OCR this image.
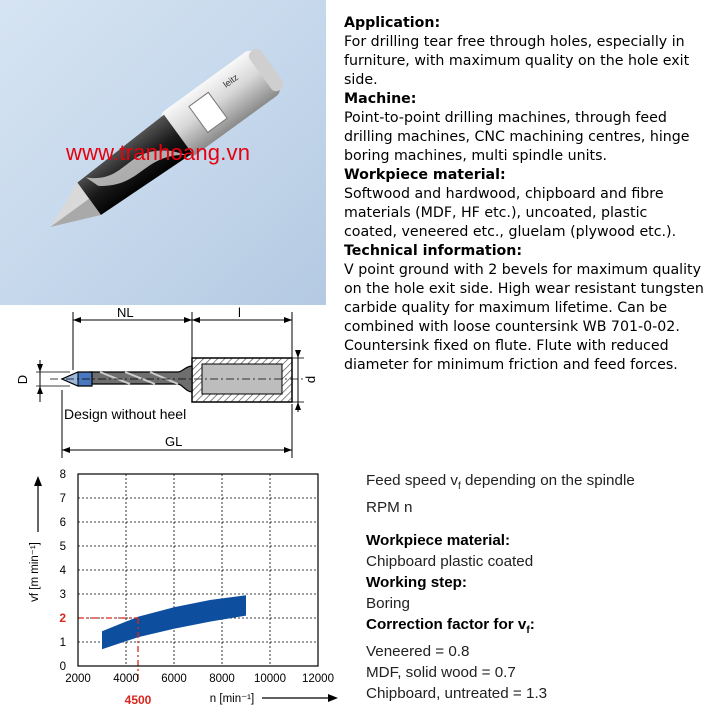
leitz
www.tranhoang.vn
Application:
For drilling tear free through holes, especially in furniture, with maximum quality on the hole exit side.
Machine:
Point-to-point drilling machines, through feed drilling machines, CNC machining centres, hinge boring machines, multi spindle units.
Workpiece material:
Softwood and hardwood, chipboard and fibre materials (MDF, HF etc.), uncoated, plastic coated, veneered etc., gluelam (plywood etc.).
Technical information:
V point ground with 2 bevels for maximum quality on the hole exit side. High wear resistant tungsten carbide quality for maximum lifetime. Can be combined with loose countersink WB 701-0-02. Countersink fixed on flute. Flute with reduced diameter for minimum friction and feed forces.
NL	l
D	d
Design without heel
GL
2000 4000 6000 8000 10000 12000
0
1
3
4
5
6
7
8
2
4500	n [min⁻¹]
vf [m min⁻¹]
Feed speed $v_f$ depending on the spindle
RPM n
Workpiece material:
Chipboard plastic coated
Working step:
Boring
Correction factor for $v_f$:
Veneered = 0.8
MDF, solid wood = 0.7
Chipboard, untreated = 1.3
